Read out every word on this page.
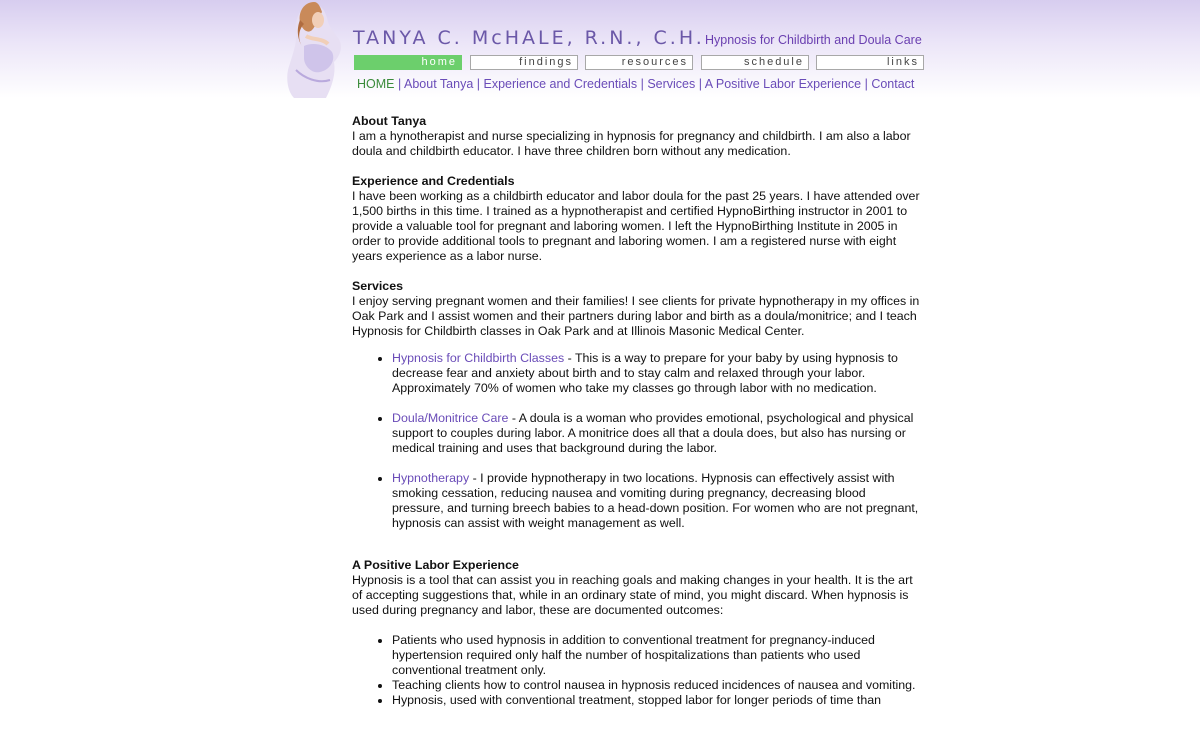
TANYA C. McHALE, R.N., C.H. Hypnosis for Childbirth and Doula Care
home	findings	resources	schedule	links
HOME | About Tanya | Experience and Credentials | Services | A Positive Labor Experience | Contact
About Tanya

I am a hynotherapist and nurse specializing in hypnosis for pregnancy and childbirth. I am also a labor doula and childbirth educator. I have three children born without any medication.

Experience and Credentials

I have been working as a childbirth educator and labor doula for the past 25 years. I have attended over 1,500 births in this time. I trained as a hypnotherapist and certified HypnoBirthing instructor in 2001 to provide a valuable tool for pregnant and laboring women. I left the HypnoBirthing Institute in 2005 in order to provide additional tools to pregnant and laboring women. I am a registered nurse with eight years experience as a labor nurse.

Services

I enjoy serving pregnant women and their families! I see clients for private hypnotherapy in my offices in Oak Park and I assist women and their partners during labor and birth as a doula/monitrice; and I teach Hypnosis for Childbirth classes in Oak Park and at Illinois Masonic Medical Center.

• Hypnosis for Childbirth Classes - This is a way to prepare for your baby by using hypnosis to decrease fear and anxiety about birth and to stay calm and relaxed through your labor. Approximately 70% of women who take my classes go through labor with no medication.
• Doula/Monitrice Care - A doula is a woman who provides emotional, psychological and physical support to couples during labor. A monitrice does all that a doula does, but also has nursing or medical training and uses that background during the labor.
• Hypnotherapy - I provide hypnotherapy in two locations. Hypnosis can effectively assist with smoking cessation, reducing nausea and vomiting during pregnancy, decreasing blood pressure, and turning breech babies to a head-down position. For women who are not pregnant, hypnosis can assist with weight management as well.
A Positive Labor Experience

Hypnosis is a tool that can assist you in reaching goals and making changes in your health. It is the art of accepting suggestions that, while in an ordinary state of mind, you might discard. When hypnosis is used during pregnancy and labor, these are documented outcomes:

• Patients who used hypnosis in addition to conventional treatment for pregnancy-induced hypertension required only half the number of hospitalizations than patients who used conventional treatment only.
• Teaching clients how to control nausea in hypnosis reduced incidences of nausea and vomiting.
• Hypnosis, used with conventional treatment, stopped labor for longer periods of time than
